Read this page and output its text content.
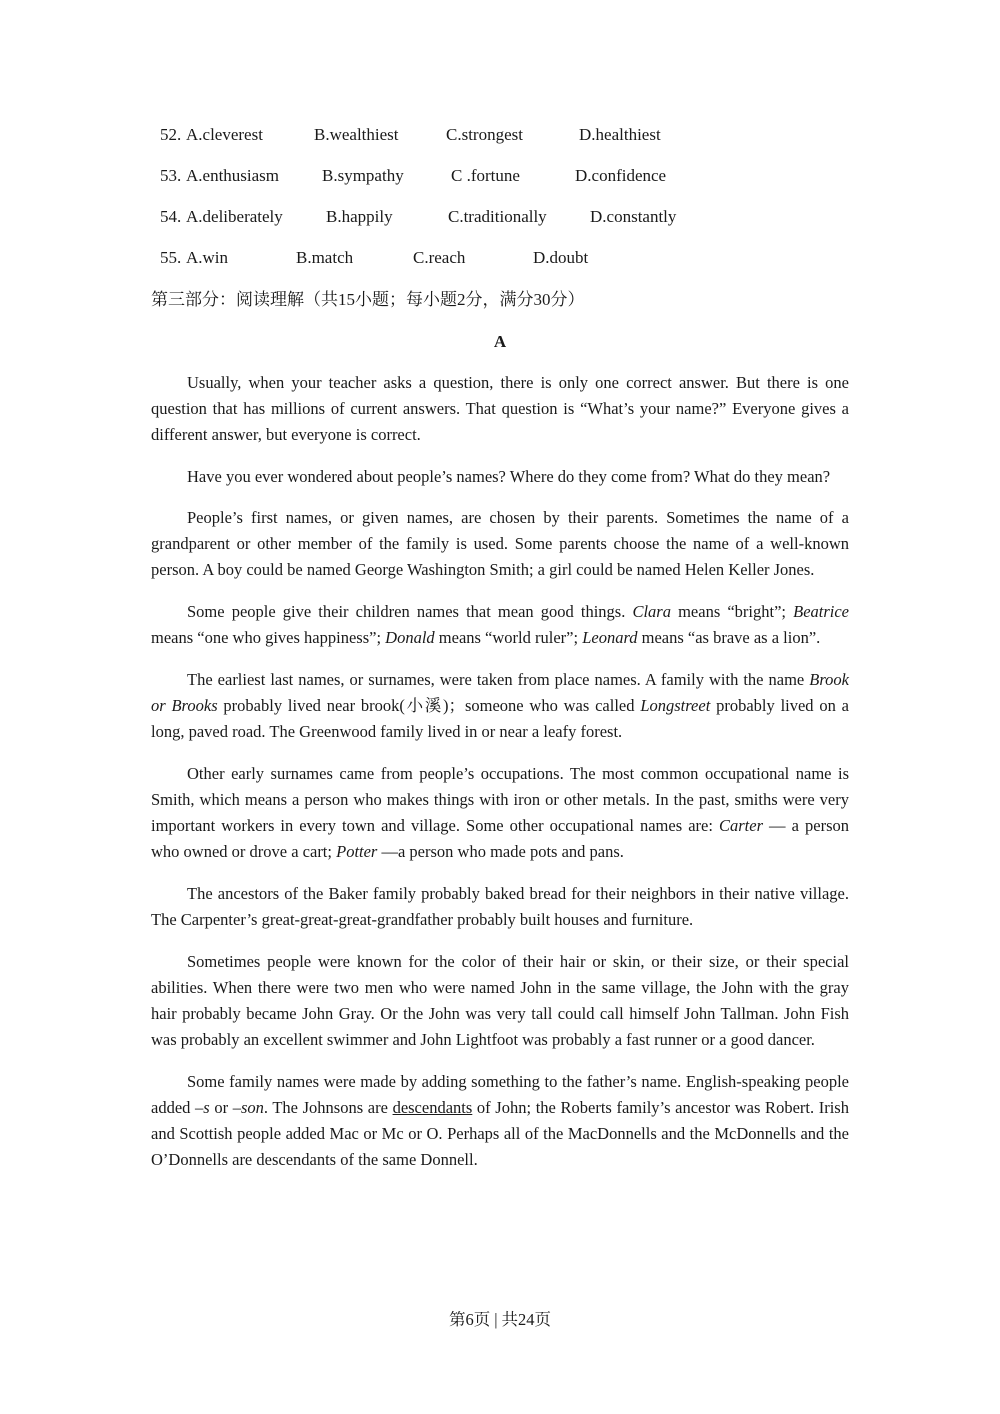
52. A.cleverest	B.wealthiest	C.strongest	D.healthiest
53. A.enthusiasm	B.sympathy	C .fortune	D.confidence
54. A.deliberately	B.happily	C.traditionally	D.constantly
55. A.win	B.match	C.reach	D.doubt
第三部分：阅读理解（共15小题；每小题2分，满分30分）
A

Usually, when your teacher asks a question, there is only one correct answer. But there is one question that has millions of current answers. That question is “What’s your name?” Everyone gives a different answer, but everyone is correct.

Have you ever wondered about people’s names? Where do they come from? What do they mean?

People’s first names, or given names, are chosen by their parents. Sometimes the name of a grandparent or other member of the family is used. Some parents choose the name of a well-known person. A boy could be named George Washington Smith; a girl could be named Helen Keller Jones.

Some people give their children names that mean good things. Clara means “bright”; Beatrice means “one who gives happiness”; Donald means “world ruler”; Leonard means “as brave as a lion”.

The earliest last names, or surnames, were taken from place names. A family with the name Brook or Brooks probably lived near brook(小溪)；someone who was called Longstreet probably lived on a long, paved road. The Greenwood family lived in or near a leafy forest.

Other early surnames came from people’s occupations. The most common occupational name is Smith, which means a person who makes things with iron or other metals. In the past, smiths were very important workers in every town and village. Some other occupational names are: Carter — a person who owned or drove a cart; Potter —a person who made pots and pans.

The ancestors of the Baker family probably baked bread for their neighbors in their native village. The Carpenter’s great-great-great-grandfather probably built houses and furniture.

Sometimes people were known for the color of their hair or skin, or their size, or their special abilities. When there were two men who were named John in the same village, the John with the gray hair probably became John Gray. Or the John was very tall could call himself John Tallman. John Fish was probably an excellent swimmer and John Lightfoot was probably a fast runner or a good dancer.

Some family names were made by adding something to the father’s name. English-speaking people added –s or –son. The Johnsons are descendants of John; the Roberts family’s ancestor was Robert. Irish and Scottish people added Mac or Mc or O. Perhaps all of the MacDonnells and the McDonnells and the O’Donnells are descendants of the same Donnell.

第6页 | 共24页
